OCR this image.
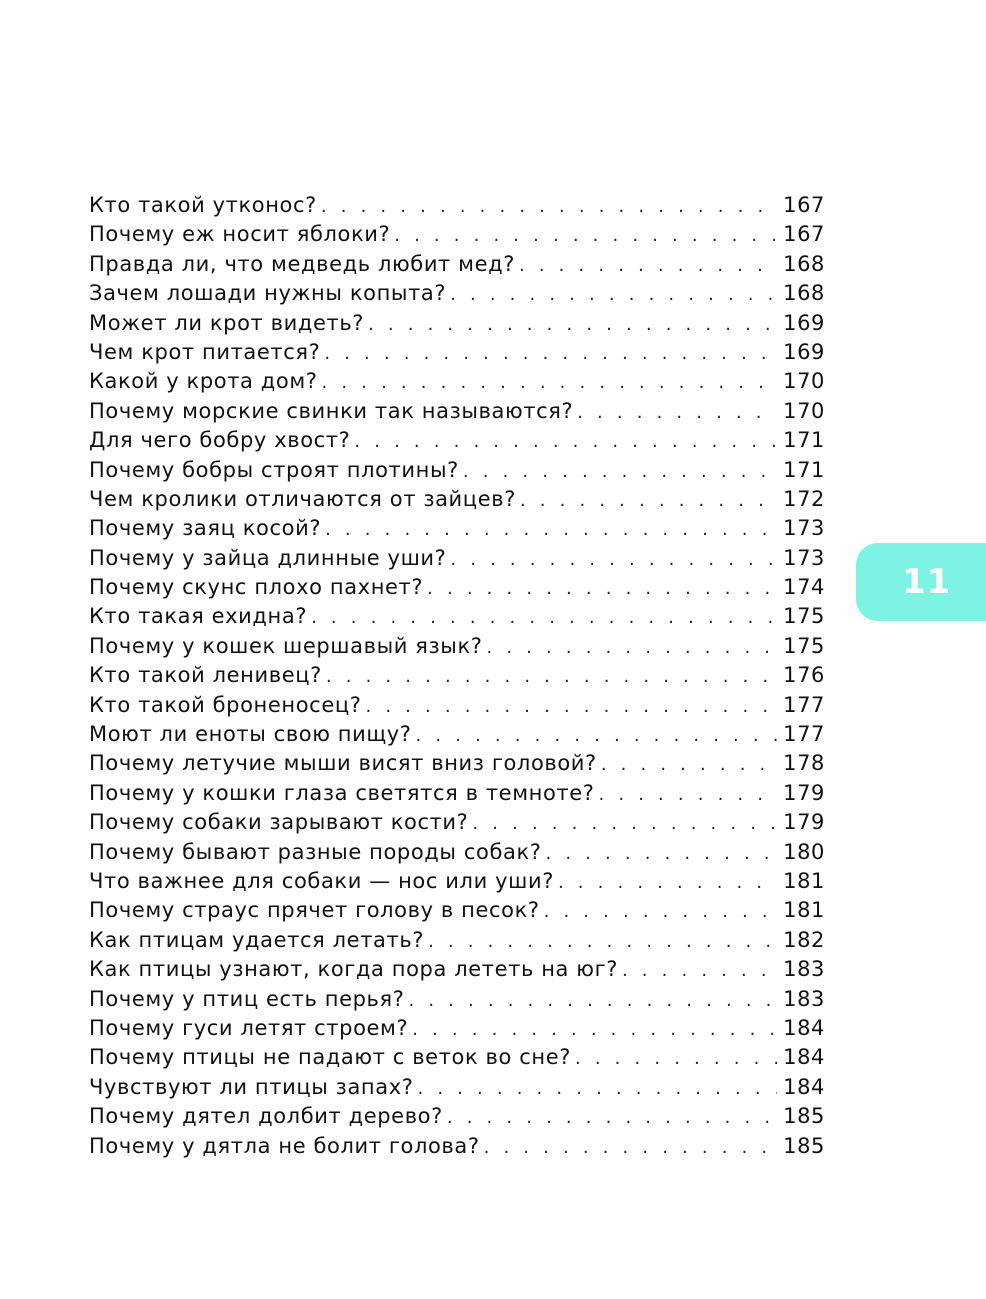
Кто такой утконос? . . .	167
Почему еж носит яблоки? . . .	167
Правда ли, что медведь любит мед? . . .	168
Зачем лошади нужны копыта? . . .	168
Может ли крот видеть? . . .	169
Чем крот питается? . . .	169
Какой у крота дом? . . .	170
Почему морские свинки так называются? . . .	170
Для чего бобру хвост? . . .	171
Почему бобры строят плотины? . . .	171
Чем кролики отличаются от зайцев? . . .	172
Почему заяц косой? . . .	173
Почему у зайца длинные уши? . . .	173
Почему скунс плохо пахнет? . . .	174
Кто такая ехидна? . . .	175
Почему у кошек шершавый язык? . . .	175
Кто такой ленивец? . . .	176
Кто такой броненосец? . . .	177
Моют ли еноты свою пищу? . . .	177
Почему летучие мыши висят вниз головой? . . .	178
Почему у кошки глаза светятся в темноте? . . .	179
Почему собаки зарывают кости? . . .	179
Почему бывают разные породы собак? . . .	180
Что важнее для собаки — нос или уши? . . .	181
Почему страус прячет голову в песок? . . .	181
Как птицам удается летать? . . .	182
Как птицы узнают, когда пора лететь на юг? . . .	183
Почему у птиц есть перья? . . .	183
Почему гуси летят строем? . . .	184
Почему птицы не падают с веток во сне? . . .	184
Чувствуют ли птицы запах? . . .	184
Почему дятел долбит дерево? . . .	185
Почему у дятла не болит голова? . . .	185
11
